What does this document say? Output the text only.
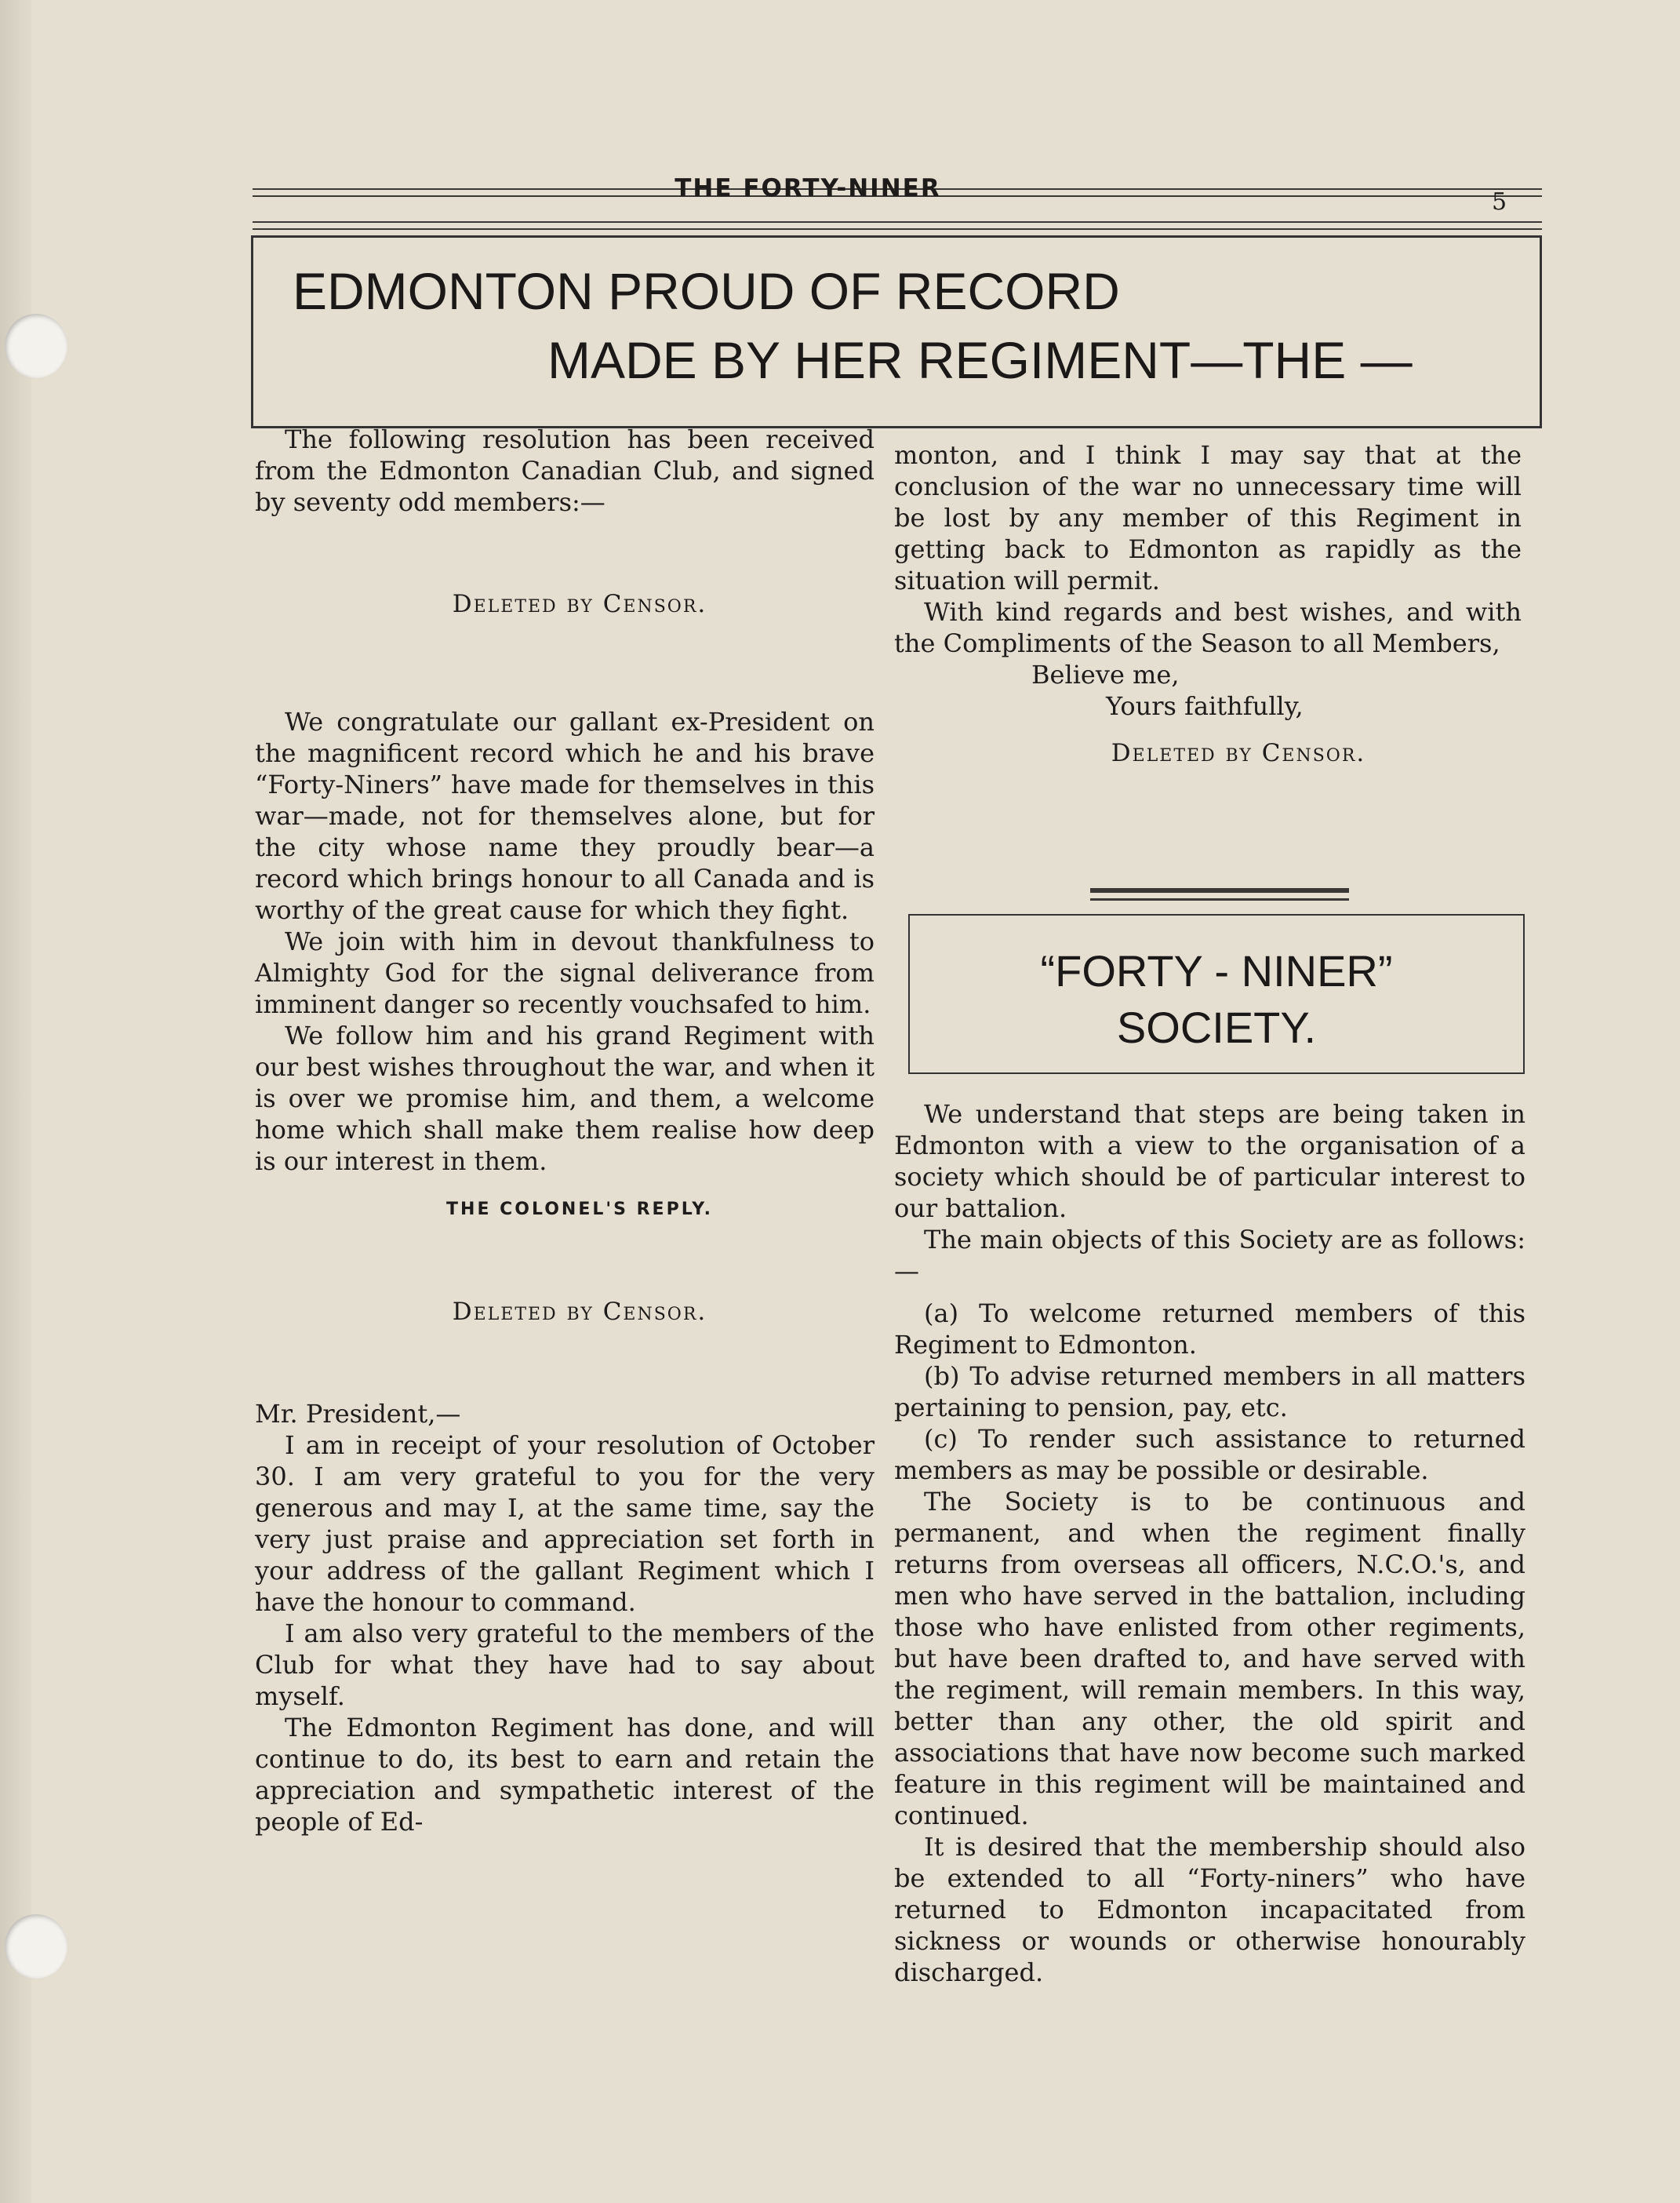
THE FORTY-NINER	5
EDMONTON PROUD OF RECORD
MADE BY HER REGIMENT—THE —

The following resolution has been received from the Edmonton Canadian Club, and signed by seventy odd members:—

Deleted by Censor.

We congratulate our gallant ex-President on the magnificent record which he and his brave “Forty-Niners” have made for themselves in this war—made, not for themselves alone, but for the city whose name they proudly bear—a record which brings honour to all Canada and is worthy of the great cause for which they fight.

We join with him in devout thankfulness to Almighty God for the signal deliverance from imminent danger so recently vouchsafed to him.

We follow him and his grand Regiment with our best wishes throughout the war, and when it is over we promise him, and them, a welcome home which shall make them realise how deep is our interest in them.

THE COLONEL'S REPLY.

Deleted by Censor.

Mr. President,—

I am in receipt of your resolution of October 30. I am very grateful to you for the very generous and may I, at the same time, say the very just praise and appreciation set forth in your address of the gallant Regiment which I have the honour to command.

I am also very grateful to the members of the Club for what they have had to say about myself.

The Edmonton Regiment has done, and will continue to do, its best to earn and retain the appreciation and sympathetic interest of the people of Ed-

monton, and I think I may say that at the conclusion of the war no unnecessary time will be lost by any member of this Regiment in getting back to Edmonton as rapidly as the situation will permit.

With kind regards and best wishes, and with the Compliments of the Season to all Members,

Believe me,

Yours faithfully,

Deleted by Censor.

“FORTY - NINER”
SOCIETY.

We understand that steps are being taken in Edmonton with a view to the organisation of a society which should be of particular interest to our battalion.

The main objects of this Society are as follows:—

(a) To welcome returned members of this Regiment to Edmonton.

(b) To advise returned members in all matters pertaining to pension, pay, etc.

(c) To render such assistance to returned members as may be possible or desirable.

The Society is to be continuous and permanent, and when the regiment finally returns from overseas all officers, N.C.O.'s, and men who have served in the battalion, including those who have enlisted from other regiments, but have been drafted to, and have served with the regiment, will remain members. In this way, better than any other, the old spirit and associations that have now become such marked feature in this regiment will be maintained and continued.

It is desired that the membership should also be extended to all “Forty-niners” who have returned to Edmonton incapacitated from sickness or wounds or otherwise honourably discharged.
